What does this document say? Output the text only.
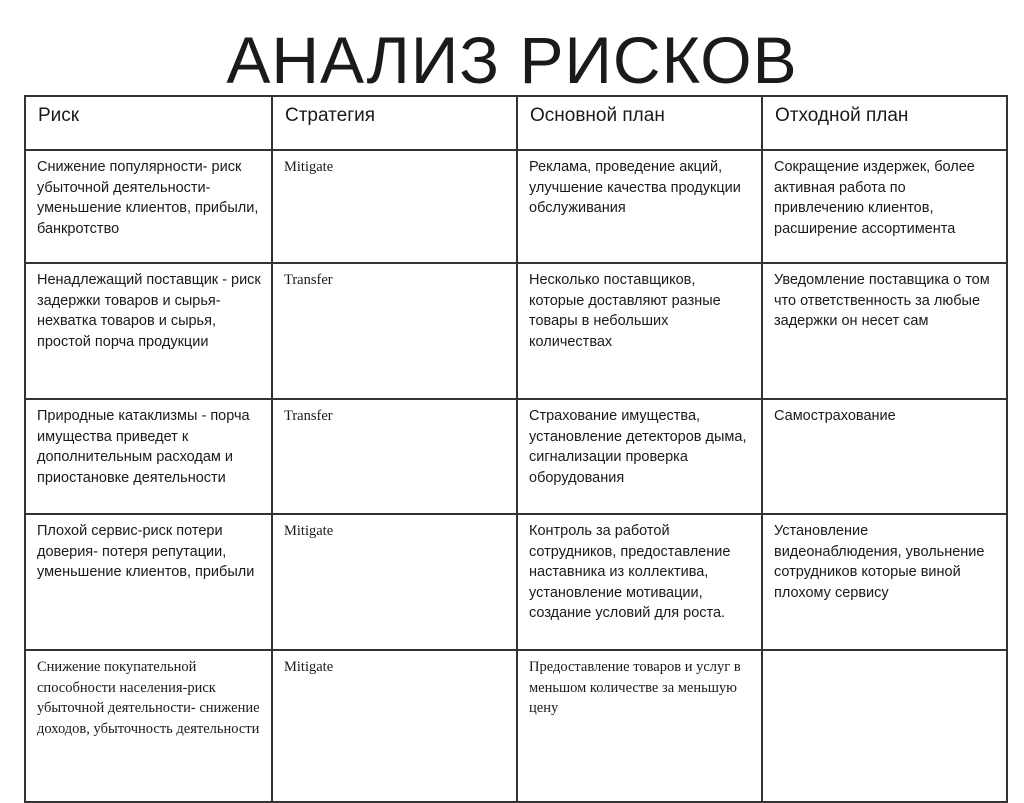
АНАЛИЗ РИСКОВ
Риск	Стратегия	Основной план	Отходной план
Снижение популярности- риск убыточной деятельности- уменьшение клиентов, прибыли, банкротство	Mitigate	Реклама, проведение акций, улучшение качества продукции обслуживания	Сокращение издержек, более активная работа по привлечению клиентов, расширение ассортимента
Ненадлежащий поставщик - риск задержки товаров и сырья- нехватка товаров и сырья, простой порча продукции	Transfer	Несколько поставщиков, которые доставляют разные товары в небольших количествах	Уведомление поставщика о том что ответственность за любые задержки он несет сам
Природные катаклизмы - порча имущества приведет к дополнительным расходам и приостановке деятельности	Transfer	Страхование имущества, установление детекторов дыма, сигнализации проверка оборудования	Самострахование
Плохой сервис-риск потери доверия- потеря репутации, уменьшение клиентов, прибыли	Mitigate	Контроль за работой сотрудников, предоставление наставника из коллектива, установление мотивации, создание условий для роста.	Установление видеонаблюдения, увольнение сотрудников которые виной плохому сервису
Снижение покупательной способности населения-риск убыточной деятельности- снижение доходов, убыточность деятельности	Mitigate	Предоставление товаров и услуг в меньшом количестве за меньшую цену	
